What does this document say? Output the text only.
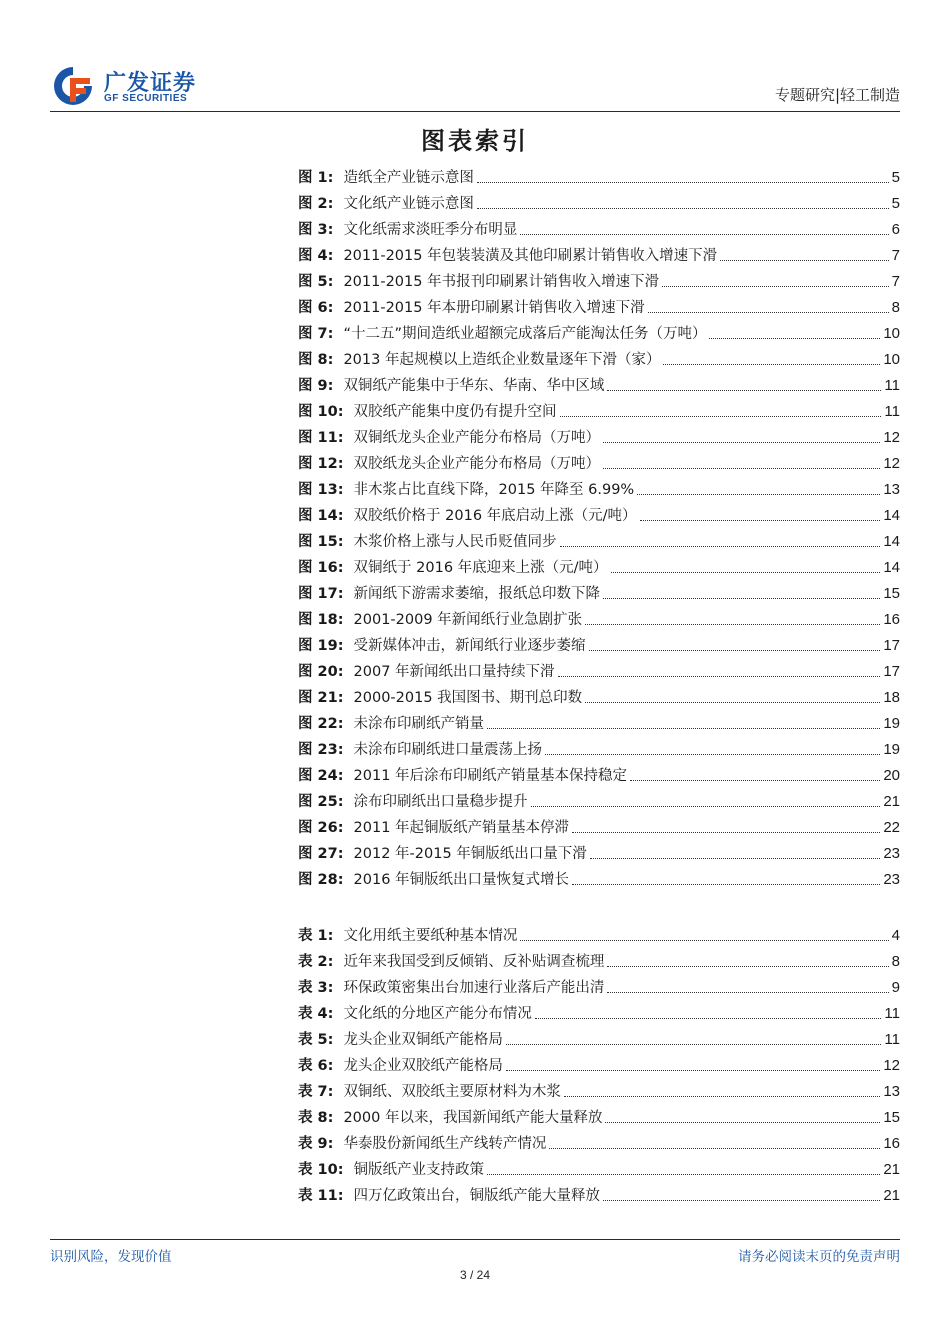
广发证券
GF SECURITIES	专题研究|轻工制造
图表索引
图 1: 造纸全产业链示意图	5
图 2: 文化纸产业链示意图	5
图 3: 文化纸需求淡旺季分布明显	6
图 4: 2011-2015 年包装装潢及其他印刷累计销售收入增速下滑	7
图 5: 2011-2015 年书报刊印刷累计销售收入增速下滑	7
图 6: 2011-2015 年本册印刷累计销售收入增速下滑	8
图 7: “十二五”期间造纸业超额完成落后产能淘汰任务（万吨）	10
图 8: 2013 年起规模以上造纸企业数量逐年下滑（家）	10
图 9: 双铜纸产能集中于华东、华南、华中区域	11
图 10: 双胶纸产能集中度仍有提升空间	11
图 11: 双铜纸龙头企业产能分布格局（万吨）	12
图 12: 双胶纸龙头企业产能分布格局（万吨）	12
图 13: 非木浆占比直线下降，2015 年降至 6.99%	13
图 14: 双胶纸价格于 2016 年底启动上涨（元/吨）	14
图 15: 木浆价格上涨与人民币贬值同步	14
图 16: 双铜纸于 2016 年底迎来上涨（元/吨）	14
图 17: 新闻纸下游需求萎缩，报纸总印数下降	15
图 18: 2001-2009 年新闻纸行业急剧扩张	16
图 19: 受新媒体冲击，新闻纸行业逐步萎缩	17
图 20: 2007 年新闻纸出口量持续下滑	17
图 21: 2000-2015 我国图书、期刊总印数	18
图 22: 未涂布印刷纸产销量	19
图 23: 未涂布印刷纸进口量震荡上扬	19
图 24: 2011 年后涂布印刷纸产销量基本保持稳定	20
图 25: 涂布印刷纸出口量稳步提升	21
图 26: 2011 年起铜版纸产销量基本停滞	22
图 27: 2012 年-2015 年铜版纸出口量下滑	23
图 28: 2016 年铜版纸出口量恢复式增长	23
表 1: 文化用纸主要纸种基本情况	4
表 2: 近年来我国受到反倾销、反补贴调查梳理	8
表 3: 环保政策密集出台加速行业落后产能出清	9
表 4: 文化纸的分地区产能分布情况	11
表 5: 龙头企业双铜纸产能格局	11
表 6: 龙头企业双胶纸产能格局	12
表 7: 双铜纸、双胶纸主要原材料为木浆	13
表 8: 2000 年以来，我国新闻纸产能大量释放	15
表 9: 华泰股份新闻纸生产线转产情况	16
表 10: 铜版纸产业支持政策	21
表 11: 四万亿政策出台，铜版纸产能大量释放	21
识别风险，发现价值	请务必阅读末页的免责声明
3 / 24
